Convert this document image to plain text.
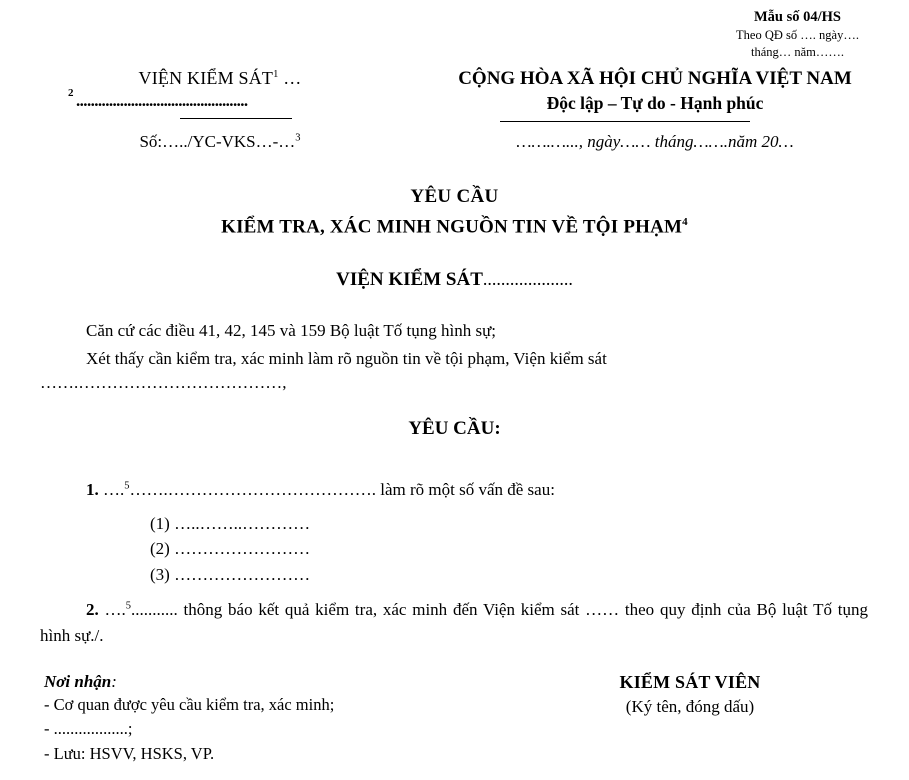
Mẫu số 04/HS
Theo QĐ số …. ngày….
tháng… năm…….
VIỆN KIỂM SÁT$^1$ …
2 ...............................................
Số:…../YC-VKS…-…$^3$
CỘNG HÒA XÃ HỘI CHỦ NGHĨA VIỆT NAM
Độc lập – Tự do - Hạnh phúc
…….…..., ngày…… tháng…….năm 20…
YÊU CẦU
KIỂM TRA, XÁC MINH NGUỒN TIN VỀ TỘI PHẠM$^4$
VIỆN KIỂM SÁT....................
Căn cứ các điều 41, 42, 145 và 159 Bộ luật Tố tụng hình sự;
Xét thấy cần kiểm tra, xác minh làm rõ nguồn tin về tội phạm, Viện kiểm sát
…….………………………………,
YÊU CẦU:
1. ….$^5$…….………………………………. làm rõ một số vấn đề sau:
(1) …..……..…………
(2) ……………………
(3) ……………………
2. ….$^5$........... thông báo kết quả kiểm tra, xác minh đến Viện kiểm sát …… theo quy định của Bộ luật Tố tụng hình sự./.
Nơi nhận:
- Cơ quan được yêu cầu kiểm tra, xác minh;
- ..................;
- Lưu: HSVV, HSKS, VP.
KIỂM SÁT VIÊN
(Ký tên, đóng dấu)
